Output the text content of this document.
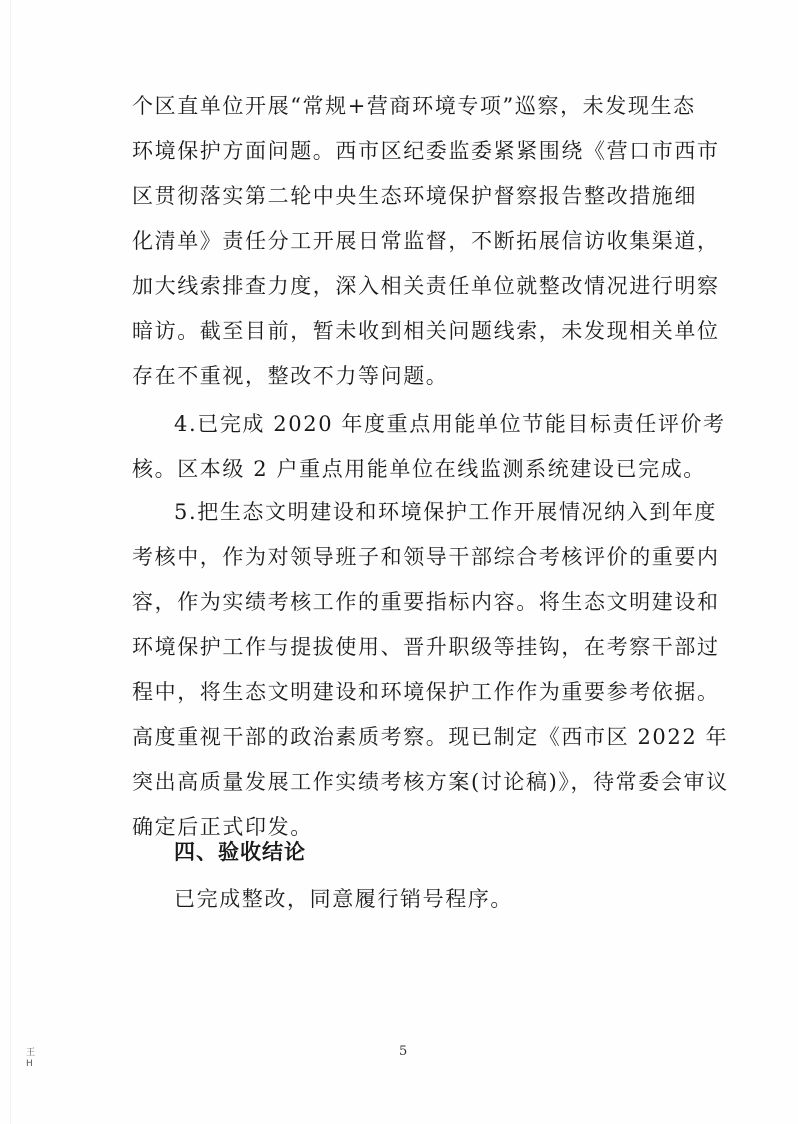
个区直单位开展“常规+营商环境专项”巡察，未发现生态
环境保护方面问题。西市区纪委监委紧紧围绕《营口市西市
区贯彻落实第二轮中央生态环境保护督察报告整改措施细
化清单》责任分工开展日常监督，不断拓展信访收集渠道，
加大线索排查力度，深入相关责任单位就整改情况进行明察
暗访。截至目前，暂未收到相关问题线索，未发现相关单位
存在不重视，整改不力等问题。
4.已完成 2020 年度重点用能单位节能目标责任评价考
核。区本级 2 户重点用能单位在线监测系统建设已完成。
5.把生态文明建设和环境保护工作开展情况纳入到年度
考核中，作为对领导班子和领导干部综合考核评价的重要内
容，作为实绩考核工作的重要指标内容。将生态文明建设和
环境保护工作与提拔使用、晋升职级等挂钩，在考察干部过
程中，将生态文明建设和环境保护工作作为重要参考依据。
高度重视干部的政治素质考察。现已制定《西市区 2022 年
突出高质量发展工作实绩考核方案(讨论稿)》，待常委会审议
确定后正式印发。
四、验收结论

已完成整改，同意履行销号程序。

王H
5
